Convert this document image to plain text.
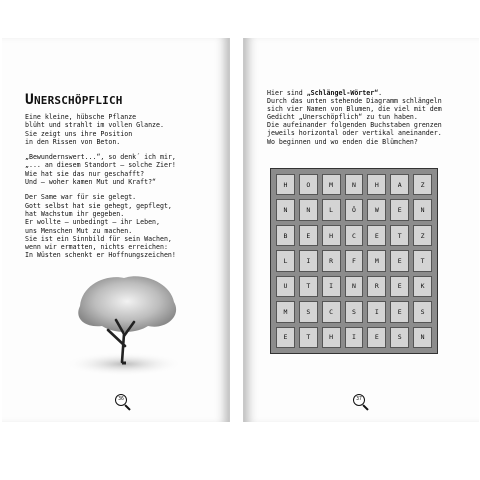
UNERSCHÖPFLICH
Eine kleine, hübsche Pflanze
blüht und strahlt im vollen Glanze.
Sie zeigt uns ihre Position
in den Rissen von Beton.
„Bewundernswert...“, so denk´ ich mir,
„... an diesem Standort – solche Zier!
Wie hat sie das nur geschafft?
Und – woher kamen Mut und Kraft?“
Der Same war für sie gelegt.
Gott selbst hat sie gehegt, gepflegt,
hat Wachstum ihr gegeben.
Er wollte – unbedingt – ihr Leben,
uns Menschen Mut zu machen.
Sie ist ein Sinnbild für sein Wachen,
wenn wir ermatten, nichts erreichen:
In Wüsten schenkt er Hoffnungszeichen!
36
Hier sind „Schlängel-Wörter“.
Durch das unten stehende Diagramm schlängeln
sich vier Namen von Blumen, die viel mit dem
Gedicht „Unerschöpflich“ zu tun haben.
Die aufeinander folgenden Buchstaben grenzen
jeweils horizontal oder vertikal aneinander.
Wo beginnen und wo enden die Blümchen?
H	O	M	N	H	A	Z
N	N	L	Ö	W	E	N
B	E	H	C	E	T	Z
L	I	R	F	M	E	T
U	T	I	N	R	E	K
M	S	C	S	I	E	S
E	T	H	I	E	S	N
37
